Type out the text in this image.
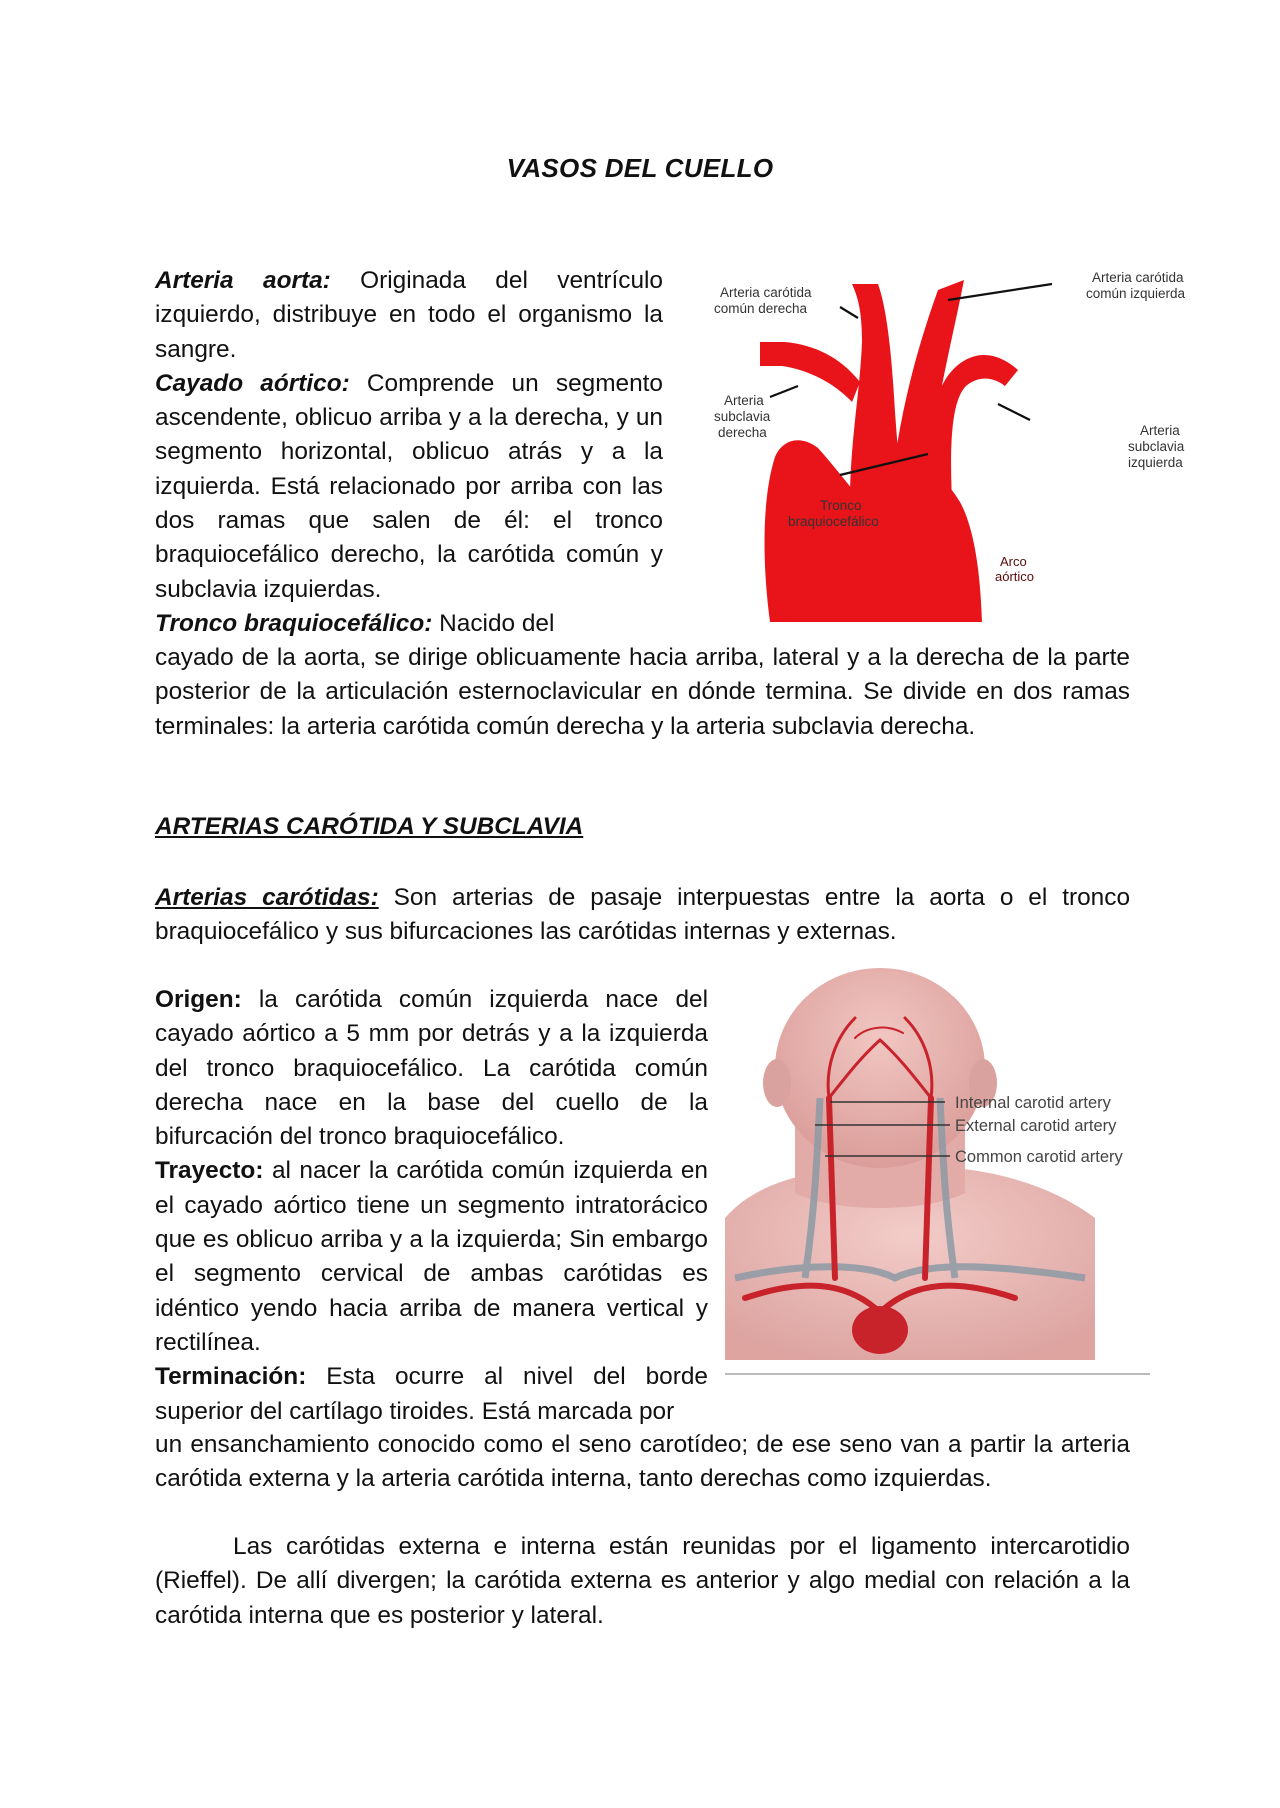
VASOS DEL CUELLO

Arteria aorta: Originada del ventrículo izquierdo, distribuye en todo el organismo la sangre.
Cayado aórtico: Comprende un segmento ascendente, oblicuo arriba y a la derecha, y un segmento horizontal, oblicuo atrás y a la izquierda. Está relacionado por arriba con las dos ramas que salen de él: el tronco braquiocefálico derecho, la carótida común y subclavia izquierdas.
Tronco braquiocefálico: Nacido del

cayado de la aorta, se dirige oblicuamente hacia arriba, lateral y a la derecha de la parte posterior de la articulación esternoclavicular en dónde termina. Se divide en dos ramas terminales: la arteria carótida común derecha y la arteria subclavia derecha.

Arteria carótida
común derecha
Arteria carótida
común izquierda
Arteria
subclavia
derecha	Arteria
subclavia
izquierda
Tronco
braquiocefálico
Arco
aórtico
ARTERIAS CARÓTIDA Y SUBCLAVIA

Arterias carótidas: Son arterias de pasaje interpuestas entre la aorta o el tronco braquiocefálico y sus bifurcaciones las carótidas internas y externas.

Origen: la carótida común izquierda nace del cayado aórtico a 5 mm por detrás y a la izquierda del tronco braquiocefálico. La carótida común derecha nace en la base del cuello de la bifurcación del tronco braquiocefálico.
Trayecto: al nacer la carótida común izquierda en el cayado aórtico tiene un segmento intratorácico que es oblicuo arriba y a la izquierda; Sin embargo el segmento cervical de ambas carótidas es idéntico yendo hacia arriba de manera vertical y rectilínea.
Terminación: Esta ocurre al nivel del borde superior del cartílago tiroides. Está marcada por

un ensanchamiento conocido como el seno carotídeo; de ese seno van a partir la arteria carótida externa y la arteria carótida interna, tanto derechas como izquierdas.

Internal carotid artery
External carotid artery
Common carotid artery

Las carótidas externa e interna están reunidas por el ligamento intercarotidio (Rieffel). De allí divergen; la carótida externa es anterior y algo medial con relación a la carótida interna que es posterior y lateral.
